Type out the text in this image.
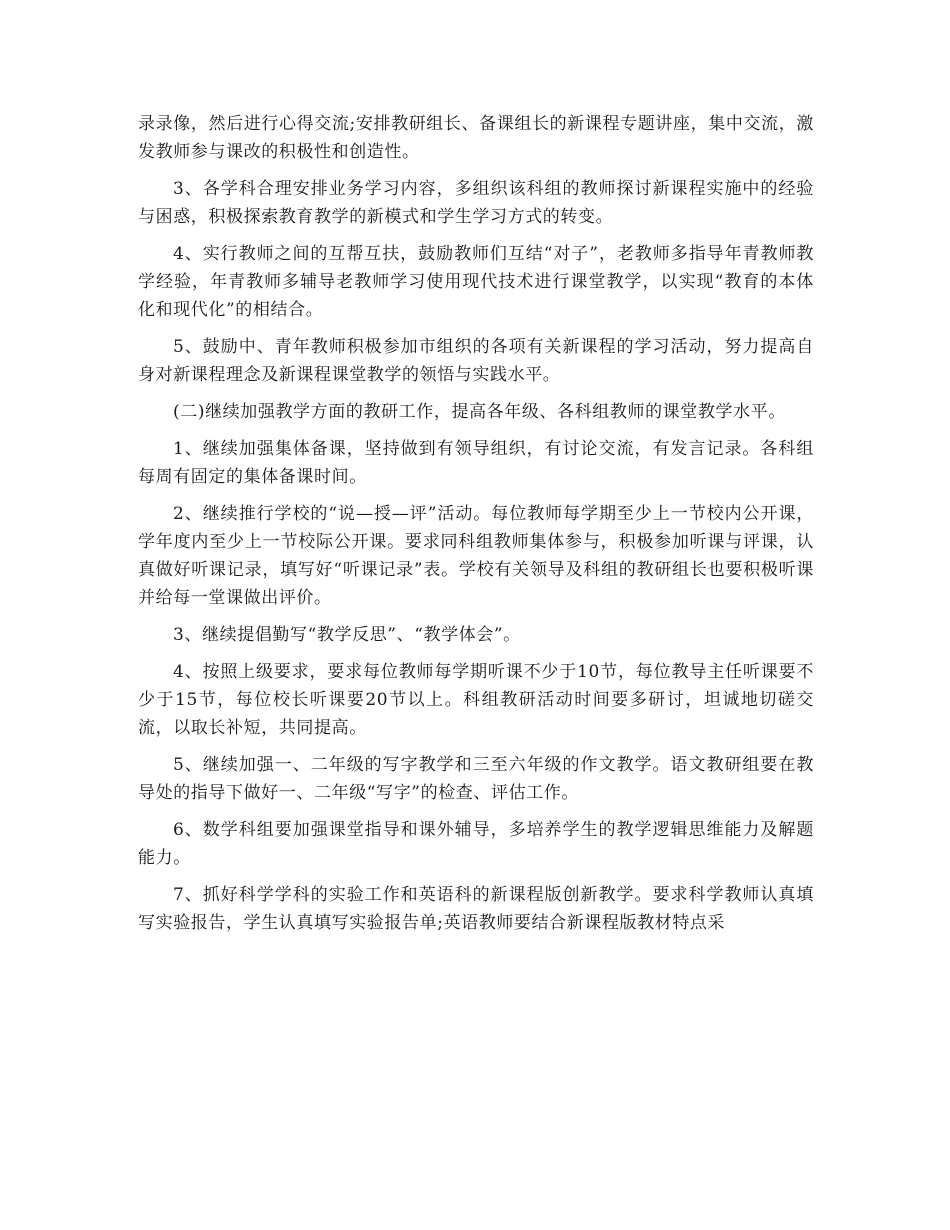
录录像，然后进行心得交流;安排教研组长、备课组长的新课程专题讲座，集中交流，激发教师参与课改的积极性和创造性。

3、各学科合理安排业务学习内容，多组织该科组的教师探讨新课程实施中的经验与困惑，积极探索教育教学的新模式和学生学习方式的转变。

4、实行教师之间的互帮互扶，鼓励教师们互结“对子”，老教师多指导年青教师教学经验，年青教师多辅导老教师学习使用现代技术进行课堂教学，以实现“教育的本体化和现代化”的相结合。

5、鼓励中、青年教师积极参加市组织的各项有关新课程的学习活动，努力提高自身对新课程理念及新课程课堂教学的领悟与实践水平。

(二)继续加强教学方面的教研工作，提高各年级、各科组教师的课堂教学水平。

1、继续加强集体备课，坚持做到有领导组织，有讨论交流，有发言记录。各科组每周有固定的集体备课时间。

2、继续推行学校的“说—授—评”活动。每位教师每学期至少上一节校内公开课，学年度内至少上一节校际公开课。要求同科组教师集体参与，积极参加听课与评课，认真做好听课记录，填写好“听课记录”表。学校有关领导及科组的教研组长也要积极听课并给每一堂课做出评价。

3、继续提倡勤写“教学反思”、“教学体会”。

4、按照上级要求，要求每位教师每学期听课不少于10节，每位教导主任听课要不少于15节，每位校长听课要20节以上。科组教研活动时间要多研讨，坦诚地切磋交流，以取长补短，共同提高。

5、继续加强一、二年级的写字教学和三至六年级的作文教学。语文教研组要在教导处的指导下做好一、二年级“写字”的检查、评估工作。

6、数学科组要加强课堂指导和课外辅导，多培养学生的教学逻辑思维能力及解题能力。

7、抓好科学学科的实验工作和英语科的新课程版创新教学。要求科学教师认真填写实验报告，学生认真填写实验报告单;英语教师要结合新课程版教材特点采
